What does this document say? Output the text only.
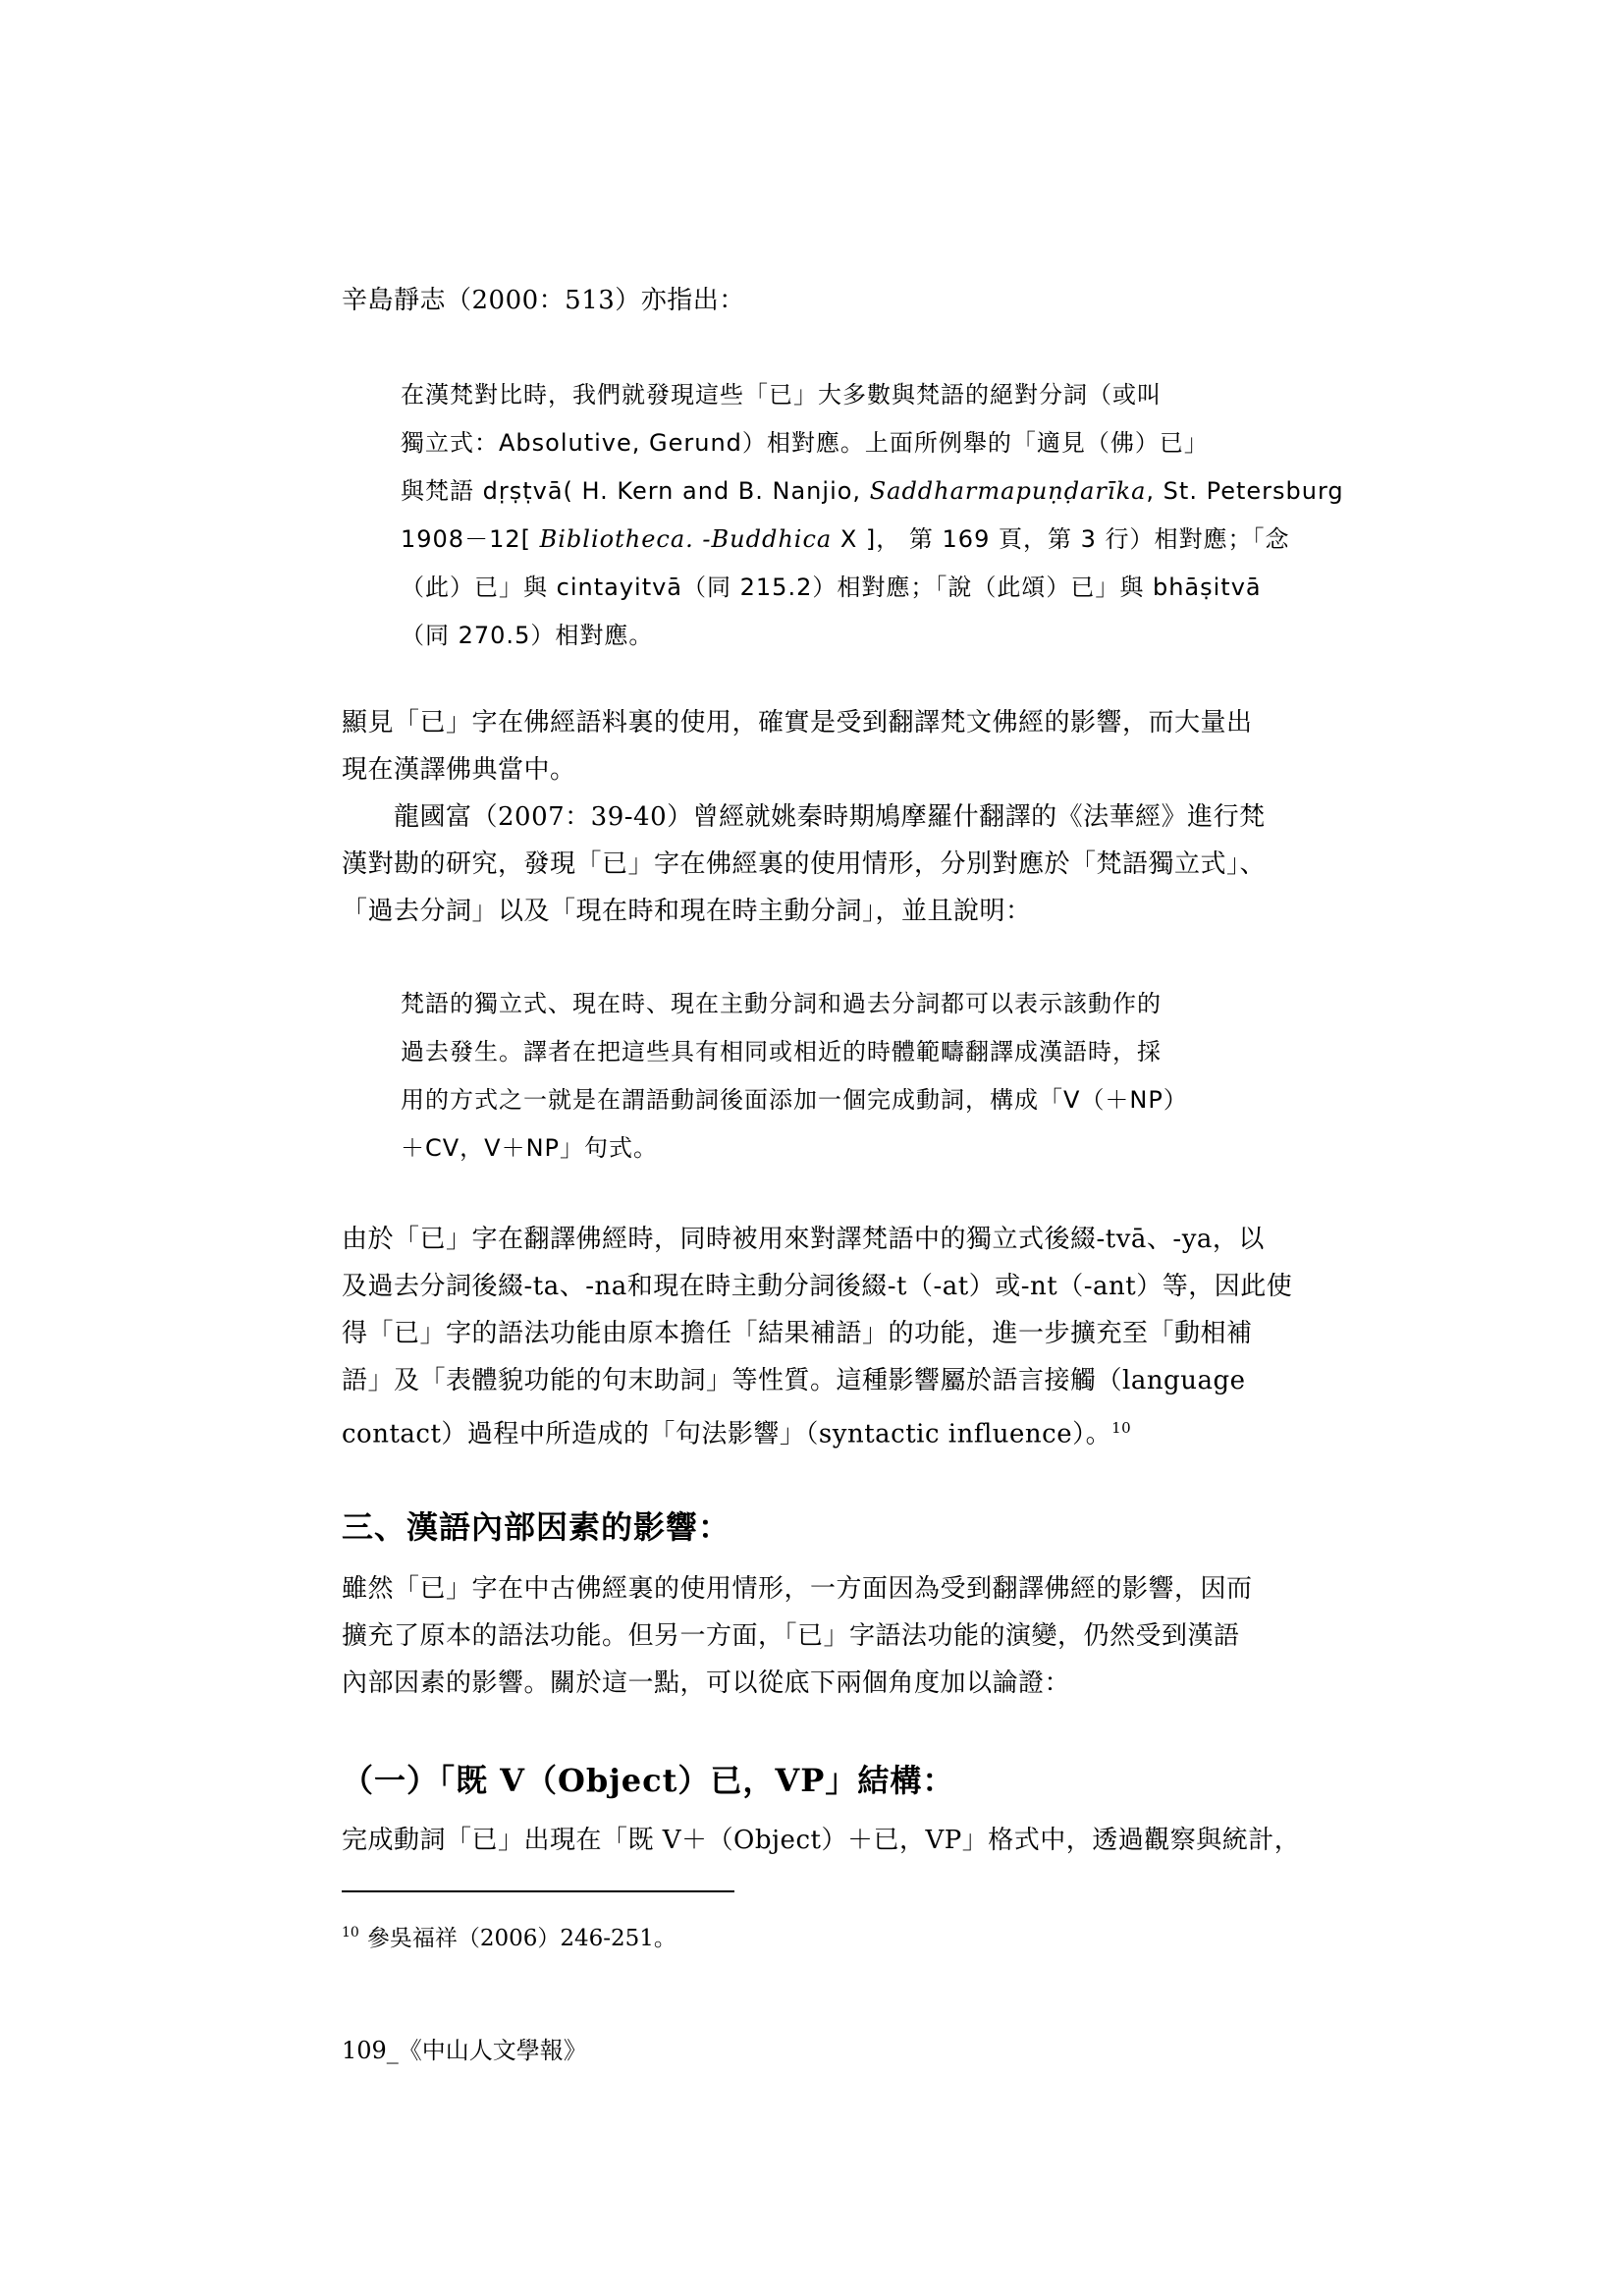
辛島靜志（2000：513）亦指出：

在漢梵對比時，我們就發現這些「已」大多數與梵語的絕對分詞（或叫
獨立式：Absolutive, Gerund）相對應。上面所例舉的「適見（佛）已」
與梵語 dṛṣṭvā( H. Kern and B. Nanjio, Saddharmapuṇḍarīka, St. Petersburg
1908－12[ Bibliotheca. -Buddhica X ]， 第 169 頁，第 3 行）相對應；「念
（此）已」與 cintayitvā（同 215.2）相對應；「說（此頌）已」與 bhāṣitvā
（同 270.5）相對應。

顯見「已」字在佛經語料裏的使用，確實是受到翻譯梵文佛經的影響，而大量出
現在漢譯佛典當中。

　　龍國富（2007：39-40）曾經就姚秦時期鳩摩羅什翻譯的《法華經》進行梵
漢對勘的研究，發現「已」字在佛經裏的使用情形，分別對應於「梵語獨立式」、
「過去分詞」以及「現在時和現在時主動分詞」，並且說明：

梵語的獨立式、現在時、現在主動分詞和過去分詞都可以表示該動作的
過去發生。譯者在把這些具有相同或相近的時體範疇翻譯成漢語時，採
用的方式之一就是在謂語動詞後面添加一個完成動詞，構成「V（＋NP）
＋CV，V＋NP」句式。

由於「已」字在翻譯佛經時，同時被用來對譯梵語中的獨立式後綴-tvā、-ya，以
及過去分詞後綴-ta、-na和現在時主動分詞後綴-t（-at）或-nt（-ant）等，因此使
得「已」字的語法功能由原本擔任「結果補語」的功能，進一步擴充至「動相補
語」及「表體貌功能的句末助詞」等性質。這種影響屬於語言接觸（language
contact）過程中所造成的「句法影響」（syntactic influence）。$^{10}$

三、漢語內部因素的影響：

雖然「已」字在中古佛經裏的使用情形，一方面因為受到翻譯佛經的影響，因而
擴充了原本的語法功能。但另一方面，「已」字語法功能的演變，仍然受到漢語
內部因素的影響。關於這一點，可以從底下兩個角度加以論證：

（一）「既 V（Object）已，VP」結構：

完成動詞「已」出現在「既 V＋（Object）＋已，VP」格式中，透過觀察與統計，

$^{10}$ 參吳福祥（2006）246-251。
109_《中山人文學報》
